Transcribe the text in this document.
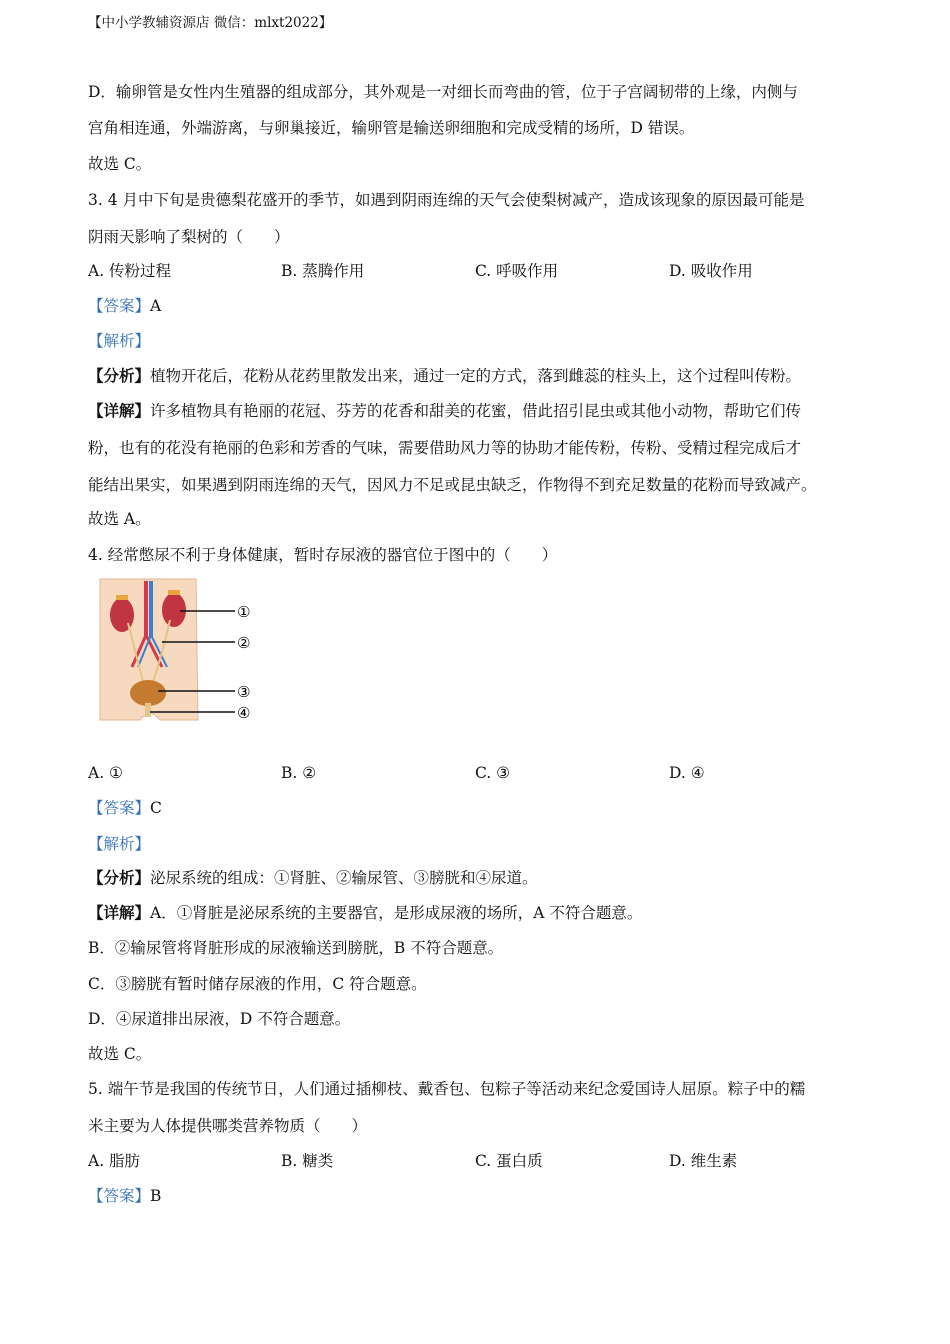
【中小学教辅资源店 微信：mlxt2022】
D．输卵管是女性内生殖器的组成部分，其外观是一对细长而弯曲的管，位于子宫阔韧带的上缘，内侧与
宫角相连通，外端游离，与卵巢接近，输卵管是输送卵细胞和完成受精的场所，D 错误。
故选 C。
3. 4 月中下旬是贵德梨花盛开的季节，如遇到阴雨连绵的天气会使梨树减产，造成该现象的原因最可能是
阴雨天影响了梨树的（　　）
A. 传粉过程	B. 蒸腾作用	C. 呼吸作用	D. 吸收作用
【答案】A
【解析】
【分析】植物开花后，花粉从花药里散发出来，通过一定的方式，落到雌蕊的柱头上，这个过程叫传粉。
【详解】许多植物具有艳丽的花冠、芬芳的花香和甜美的花蜜，借此招引昆虫或其他小动物，帮助它们传
粉，也有的花没有艳丽的色彩和芳香的气味，需要借助风力等的协助才能传粉，传粉、受精过程完成后才
能结出果实，如果遇到阴雨连绵的天气，因风力不足或昆虫缺乏，作物得不到充足数量的花粉而导致减产。
故选 A。
4. 经常憋尿不利于身体健康，暂时存尿液的器官位于图中的（　　）
①
②
③
④
A. ①	B. ②	C. ③	D. ④
【答案】C
【解析】
【分析】泌尿系统的组成：①肾脏、②输尿管、③膀胱和④尿道。
【详解】A．①肾脏是泌尿系统的主要器官，是形成尿液的场所，A 不符合题意。
B．②输尿管将肾脏形成的尿液输送到膀胱，B 不符合题意。
C．③膀胱有暂时储存尿液的作用，C 符合题意。
D．④尿道排出尿液，D 不符合题意。
故选 C。
5. 端午节是我国的传统节日，人们通过插柳枝、戴香包、包粽子等活动来纪念爱国诗人屈原。粽子中的糯
米主要为人体提供哪类营养物质（　　）
A. 脂肪	B. 糖类	C. 蛋白质	D. 维生素
【答案】B
